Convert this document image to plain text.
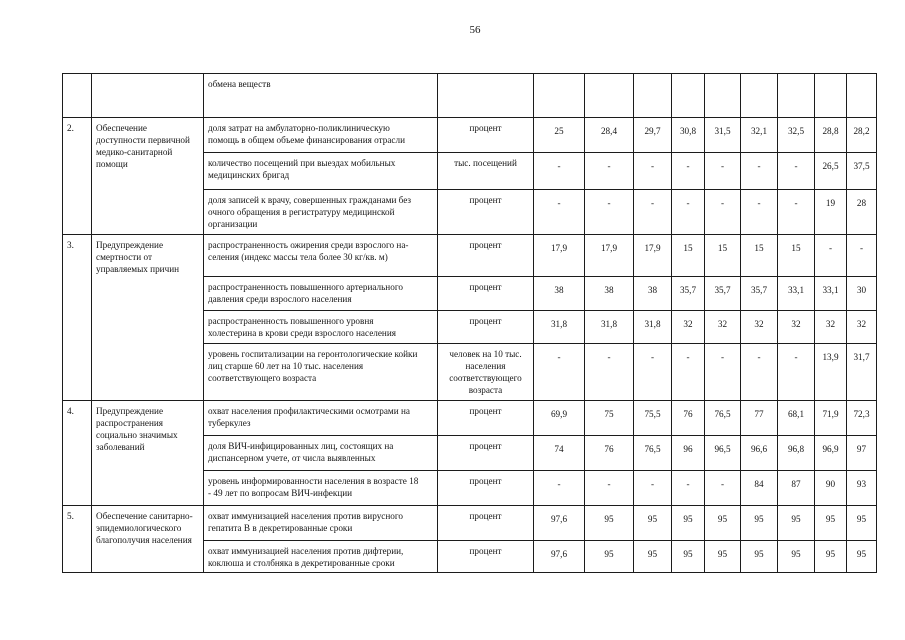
56
		обмена веществ										
2.	Обеспечение
доступности первичной
медико-санитарной
помощи	доля затрат на амбулаторно-поликлиническую
помощь в общем объеме финансирования отрасли	процент	25	28,4	29,7	30,8	31,5	32,1	32,5	28,8	28,2
		количество посещений при выездах мобильных
медицинских бригад	тыс. посещений	-	-	-	-	-	-	-	26,5	37,5
		доля записей к врачу, совершенных гражданами без
очного обращения в регистратуру медицинской
организации	процент	-	-	-	-	-	-	-	19	28
3.	Предупреждение
смертности от
управляемых причин	распространенность ожирения среди взрослого на-
селения (индекс массы тела более 30 кг/кв. м)	процент	17,9	17,9	17,9	15	15	15	15	-	-
		распространенность повышенного артериального
давления среди взрослого населения	процент	38	38	38	35,7	35,7	35,7	33,1	33,1	30
		распространенность повышенного уровня
холестерина в крови среди взрослого населения	процент	31,8	31,8	31,8	32	32	32	32	32	32
		уровень госпитализации на геронтологические койки
лиц старше 60 лет на 10 тыс. населения
соответствующего возраста	человек на 10 тыс.
населения
соответствующего
возраста	-	-	-	-	-	-	-	13,9	31,7
4.	Предупреждение
распространения
социально значимых
заболеваний	охват населения профилактическими осмотрами на
туберкулез	процент	69,9	75	75,5	76	76,5	77	68,1	71,9	72,3
		доля ВИЧ-инфицированных лиц, состоящих на
диспансерном учете, от числа выявленных	процент	74	76	76,5	96	96,5	96,6	96,8	96,9	97
		уровень информированности населения в возрасте 18
- 49 лет по вопросам ВИЧ-инфекции	процент	-	-	-	-	-	84	87	90	93
5.	Обеспечение санитарно-
эпидемиологического
благополучия населения	охват иммунизацией населения против вирусного
гепатита В в декретированные сроки	процент	97,6	95	95	95	95	95	95	95	95
		охват иммунизацией населения против дифтерии,
коклюша и столбняка в декретированные сроки	процент	97,6	95	95	95	95	95	95	95	95
